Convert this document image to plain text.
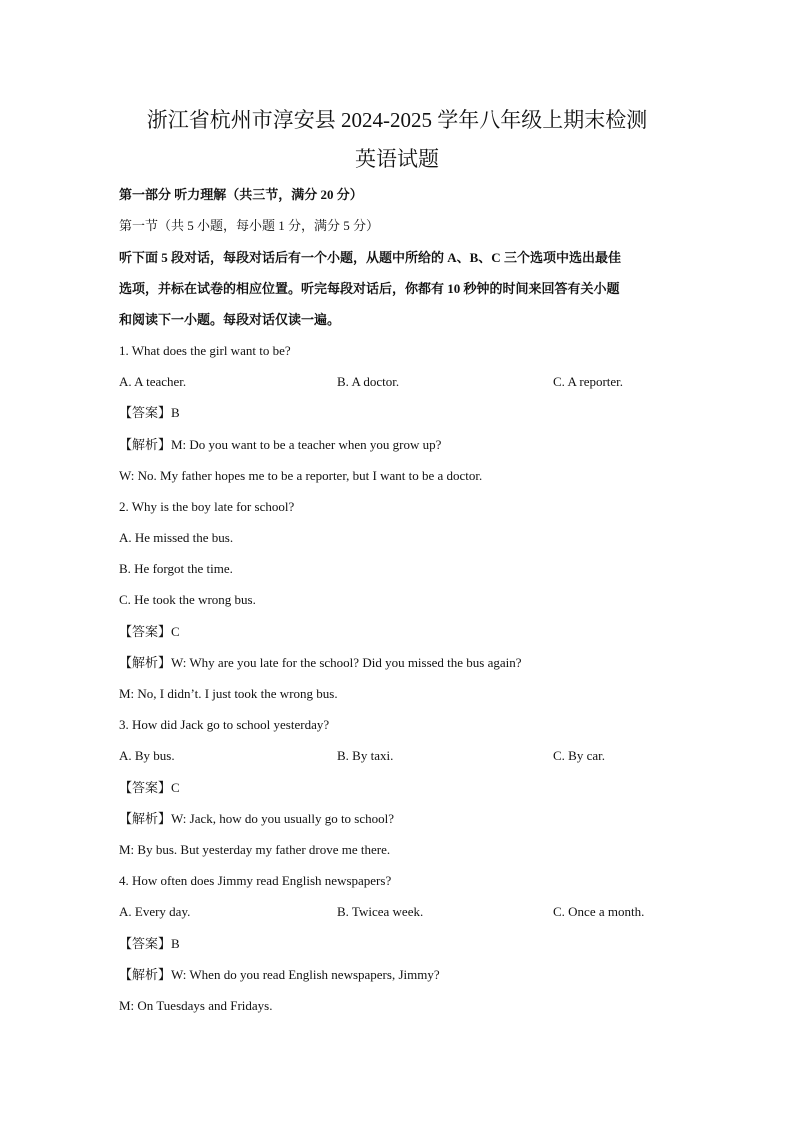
浙江省杭州市淳安县 2024-2025 学年八年级上期末检测
英语试题
第一部分 听力理解（共三节，满分 20 分）
第一节（共 5 小题，每小题 1 分，满分 5 分）
听下面 5 段对话，每段对话后有一个小题，从题中所给的 A、B、C 三个选项中选出最佳
选项，并标在试卷的相应位置。听完每段对话后，你都有 10 秒钟的时间来回答有关小题
和阅读下一小题。每段对话仅读一遍。
1. What does the girl want to be?
A. A teacher.	B. A doctor.	C. A reporter.
【答案】B
【解析】M: Do you want to be a teacher when you grow up?
W: No. My father hopes me to be a reporter, but I want to be a doctor.
2. Why is the boy late for school?
A. He missed the bus.
B. He forgot the time.
C. He took the wrong bus.
【答案】C
【解析】W: Why are you late for the school? Did you missed the bus again?
M: No, I didn’t. I just took the wrong bus.
3. How did Jack go to school yesterday?
A. By bus.	B. By taxi.	C. By car.
【答案】C
【解析】W: Jack, how do you usually go to school?
M: By bus. But yesterday my father drove me there.
4. How often does Jimmy read English newspapers?
A. Every day.	B. Twicea week.	C. Once a month.
【答案】B
【解析】W: When do you read English newspapers, Jimmy?
M: On Tuesdays and Fridays.
